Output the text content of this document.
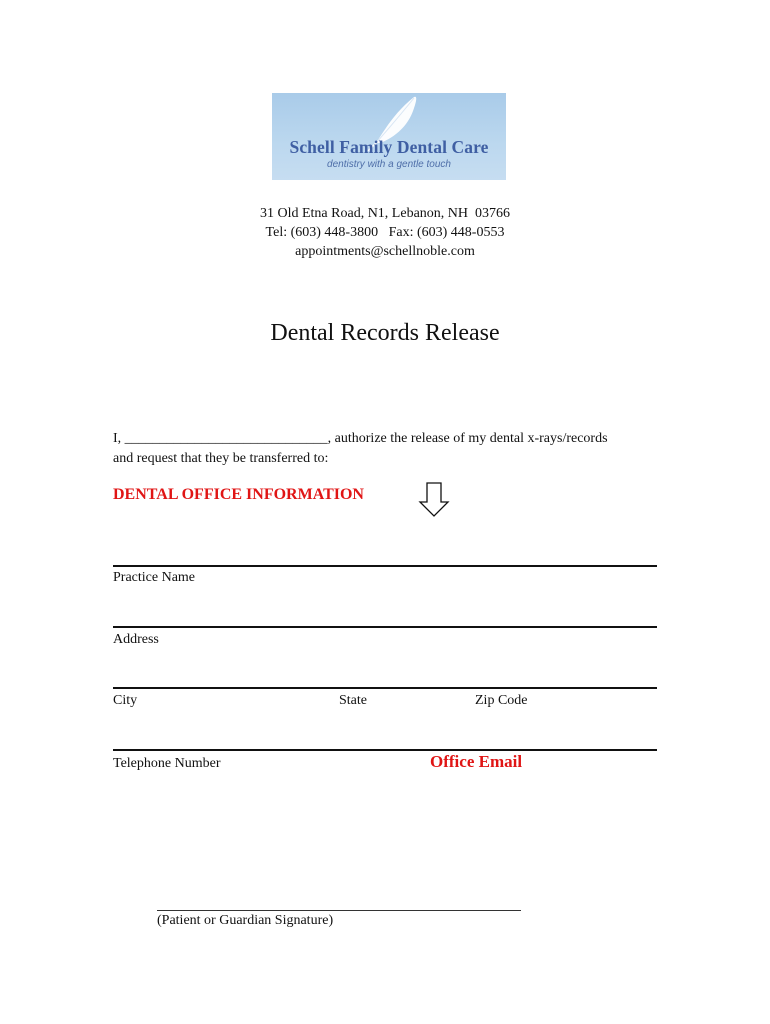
Schell Family Dental Care
dentistry with a gentle touch
31 Old Etna Road, N1, Lebanon, NH  03766
Tel: (603) 448-3800   Fax: (603) 448-0553
appointments@schellnoble.com
Dental Records Release
I, _____________________________, authorize the release of my dental x-rays/records
and request that they be transferred to:
DENTAL OFFICE INFORMATION
Practice Name
Address
City	State	Zip Code
Telephone Number	Office Email
(Patient or Guardian Signature)
